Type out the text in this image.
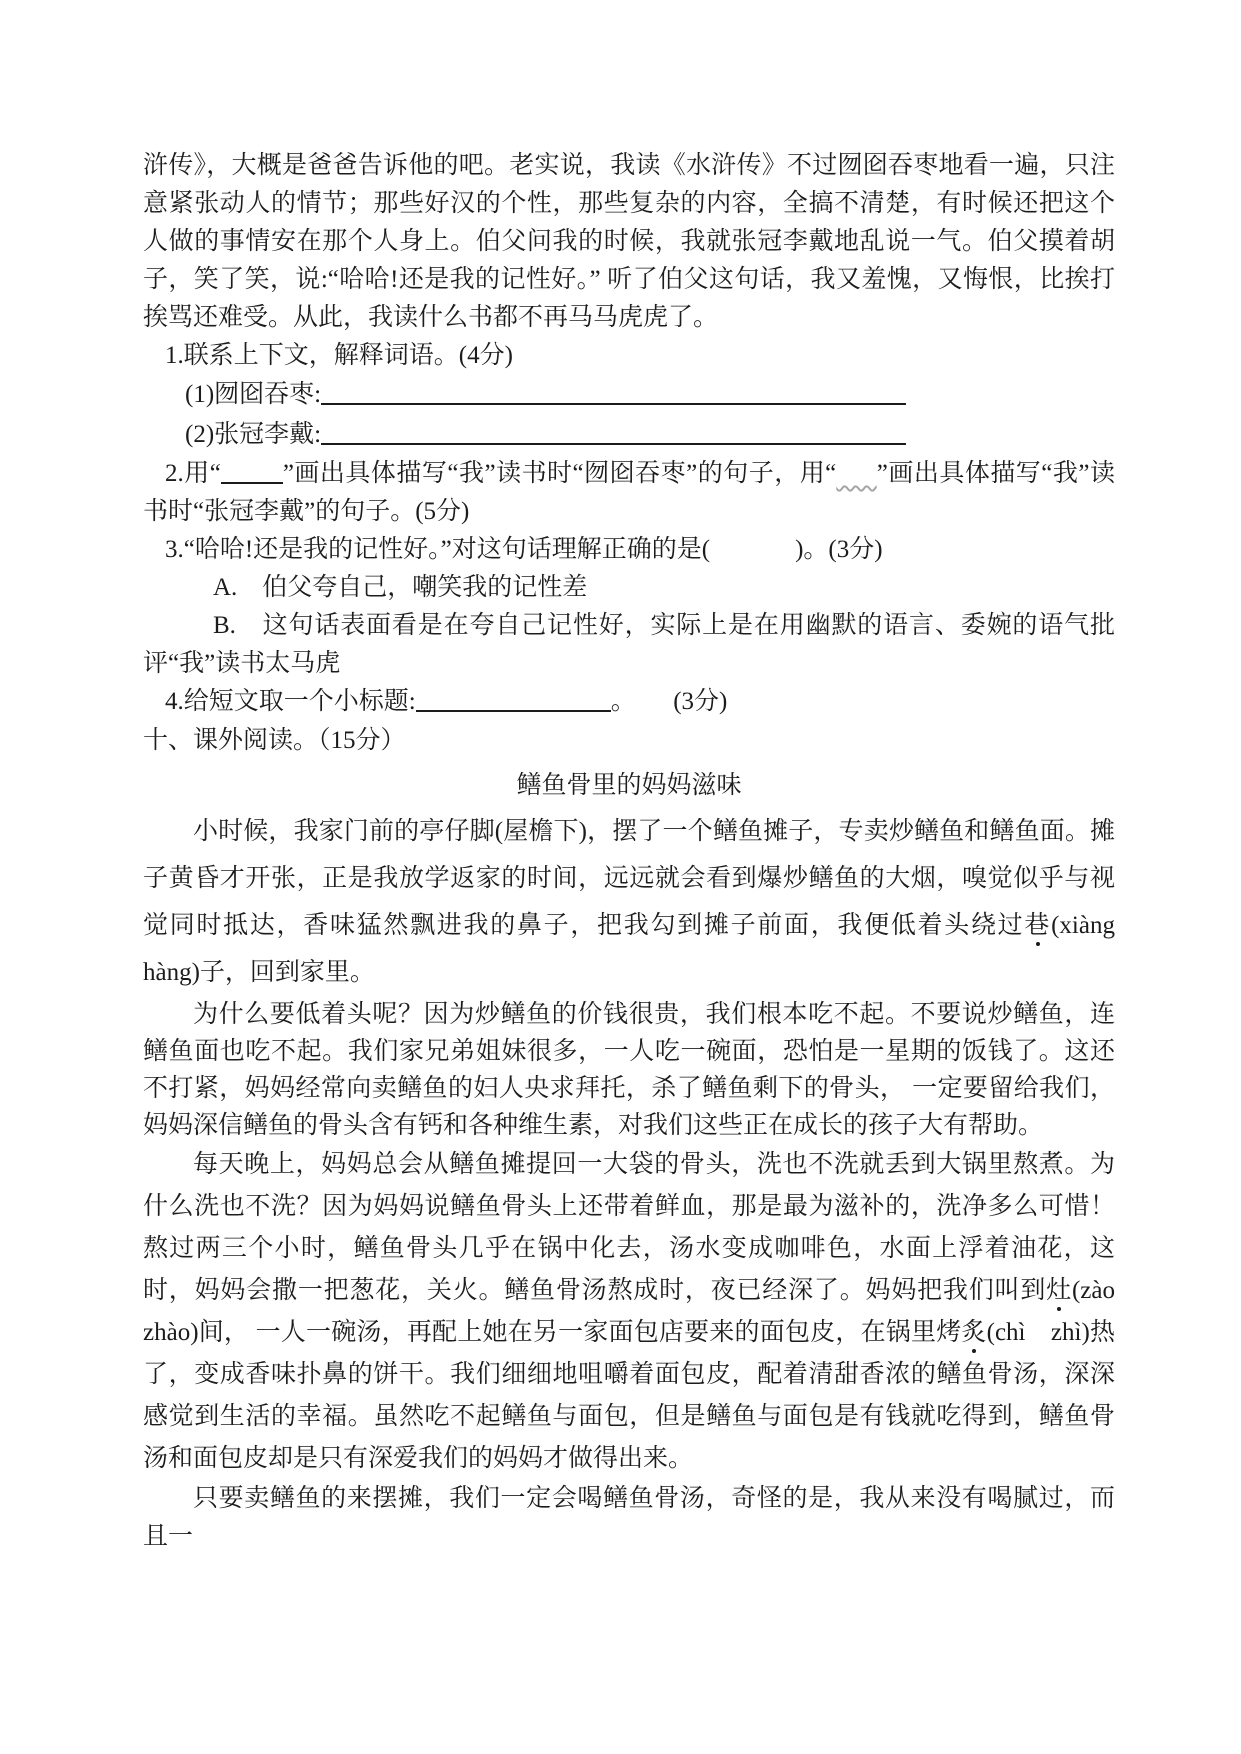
浒传》，大概是爸爸告诉他的吧。老实说，我读《水浒传》不过囫囵吞枣地看一遍，只注意紧张动人的情节；那些好汉的个性，那些复杂的内容，全搞不清楚，有时候还把这个人做的事情安在那个人身上。伯父问我的时候，我就张冠李戴地乱说一气。伯父摸着胡子，笑了笑，说:“哈哈!还是我的记性好。” 听了伯父这句话，我又羞愧，又悔恨，比挨打挨骂还难受。从此，我读什么书都不再马马虎虎了。
1.联系上下文，解释词语。(4分)
(1)囫囵吞枣:
(2)张冠李戴:
2.用“ ”画出具体描写“我”读书时“囫囵吞枣”的句子，用“ ”画出具体描写“我”读书时“张冠李戴”的句子。(5分)
3.“哈哈!还是我的记性好。”对这句话理解正确的是(	)。(3分)
A.　伯父夸自己，嘲笑我的记性差
B.　这句话表面看是在夸自己记性好，实际上是在用幽默的语言、委婉的语气批评“我”读书太马虎
4.给短文取一个小标题:	。　　(3分)
十、课外阅读。（15分）
鳝鱼骨里的妈妈滋味
小时候，我家门前的亭仔脚(屋檐下)，摆了一个鳝鱼摊子，专卖炒鳝鱼和鳝鱼面。摊子黄昏才开张，正是我放学返家的时间，远远就会看到爆炒鳝鱼的大烟，嗅觉似乎与视觉同时抵达，香味猛然飘进我的鼻子，把我勾到摊子前面，我便低着头绕过巷(xiàng　hàng)子，回到家里。
为什么要低着头呢？因为炒鳝鱼的价钱很贵，我们根本吃不起。不要说炒鳝鱼，连鳝鱼面也吃不起。我们家兄弟姐妹很多，一人吃一碗面，恐怕是一星期的饭钱了。这还不打紧，妈妈经常向卖鳝鱼的妇人央求拜托，杀了鳝鱼剩下的骨头， 一定要留给我们，妈妈深信鳝鱼的骨头含有钙和各种维生素，对我们这些正在成长的孩子大有帮助。
每天晚上，妈妈总会从鳝鱼摊提回一大袋的骨头，洗也不洗就丢到大锅里熬煮。为什么洗也不洗？因为妈妈说鳝鱼骨头上还带着鲜血，那是最为滋补的，洗净多么可惜！熬过两三个小时，鳝鱼骨头几乎在锅中化去，汤水变成咖啡色，水面上浮着油花，这时，妈妈会撒一把葱花，关火。鳝鱼骨汤熬成时，夜已经深了。妈妈把我们叫到灶(zào　zhào)间， 一人一碗汤，再配上她在另一家面包店要来的面包皮，在锅里烤炙(chì　zhì)热了，变成香味扑鼻的饼干。我们细细地咀嚼着面包皮，配着清甜香浓的鳝鱼骨汤，深深感觉到生活的幸福。虽然吃不起鳝鱼与面包，但是鳝鱼与面包是有钱就吃得到，鳝鱼骨汤和面包皮却是只有深爱我们的妈妈才做得出来。
只要卖鳝鱼的来摆摊，我们一定会喝鳝鱼骨汤，奇怪的是，我从来没有喝腻过，而且一
